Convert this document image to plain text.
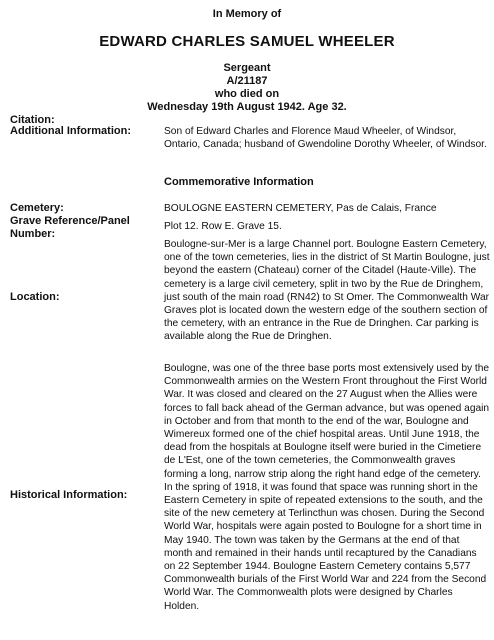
In Memory of
EDWARD CHARLES SAMUEL WHEELER
Sergeant
A/21187
who died on
Wednesday 19th August 1942. Age 32.
Citation:
Additional Information:	Son of Edward Charles and Florence Maud Wheeler, of Windsor, Ontario, Canada; husband of Gwendoline Dorothy Wheeler, of Windsor.
Commemorative Information
Cemetery:	BOULOGNE EASTERN CEMETERY, Pas de Calais, France
Grave Reference/Panel Number:
Plot 12. Row E. Grave 15.
Location:
Boulogne-sur-Mer is a large Channel port. Boulogne Eastern Cemetery, one of the town cemeteries, lies in the district of St Martin Boulogne, just beyond the eastern (Chateau) corner of the Citadel (Haute-Ville). The cemetery is a large civil cemetery, split in two by the Rue de Dringhem, just south of the main road (RN42) to St Omer. The Commonwealth War Graves plot is located down the western edge of the southern section of the cemetery, with an entrance in the Rue de Dringhen. Car parking is available along the Rue de Dringhen.
Historical Information:
Boulogne, was one of the three base ports most extensively used by the Commonwealth armies on the Western Front throughout the First World War. It was closed and cleared on the 27 August when the Allies were forces to fall back ahead of the German advance, but was opened again in October and from that month to the end of the war, Boulogne and Wimereux formed one of the chief hospital areas. Until June 1918, the dead from the hospitals at Boulogne itself were buried in the Cimetiere de L'Est, one of the town cemeteries, the Commonwealth graves forming a long, narrow strip along the right hand edge of the cemetery. In the spring of 1918, it was found that space was running short in the Eastern Cemetery in spite of repeated extensions to the south, and the site of the new cemetery at Terlincthun was chosen. During the Second World War, hospitals were again posted to Boulogne for a short time in May 1940. The town was taken by the Germans at the end of that month and remained in their hands until recaptured by the Canadians on 22 September 1944. Boulogne Eastern Cemetery contains 5,577 Commonwealth burials of the First World War and 224 from the Second World War. The Commonwealth plots were designed by Charles Holden.
